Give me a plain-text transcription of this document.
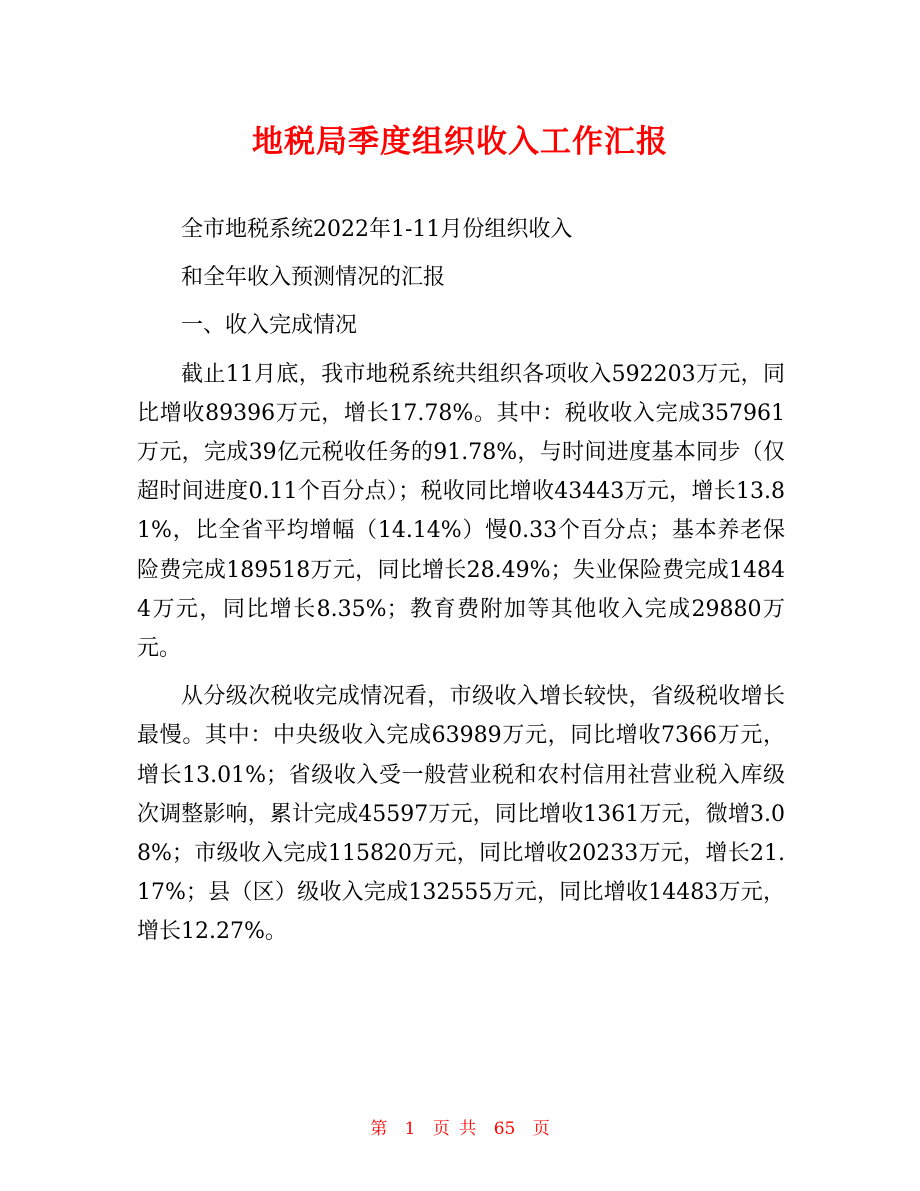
地税局季度组织收入工作汇报

全市地税系统2022年1-11月份组织收入

和全年收入预测情况的汇报

一、收入完成情况

截止11月底，我市地税系统共组织各项收入592203万元，同比增收89396万元，增长17.78%。其中：税收收入完成357961万元，完成39亿元税收任务的91.78%，与时间进度基本同步（仅超时间进度0.11个百分点）；税收同比增收43443万元，增长13.81%，比全省平均增幅（14.14%）慢0.33个百分点；基本养老保险费完成189518万元，同比增长28.49%；失业保险费完成14844万元，同比增长8.35%；教育费附加等其他收入完成29880万元。

从分级次税收完成情况看，市级收入增长较快，省级税收增长最慢。其中：中央级收入完成63989万元，同比增收7366万元，增长13.01%；省级收入受一般营业税和农村信用社营业税入库级次调整影响，累计完成45597万元，同比增收1361万元，微增3.08%；市级收入完成115820万元，同比增收20233万元，增长21.17%；县（区）级收入完成132555万元，同比增收14483万元，增长12.27%。

第 1 页 共 65 页
